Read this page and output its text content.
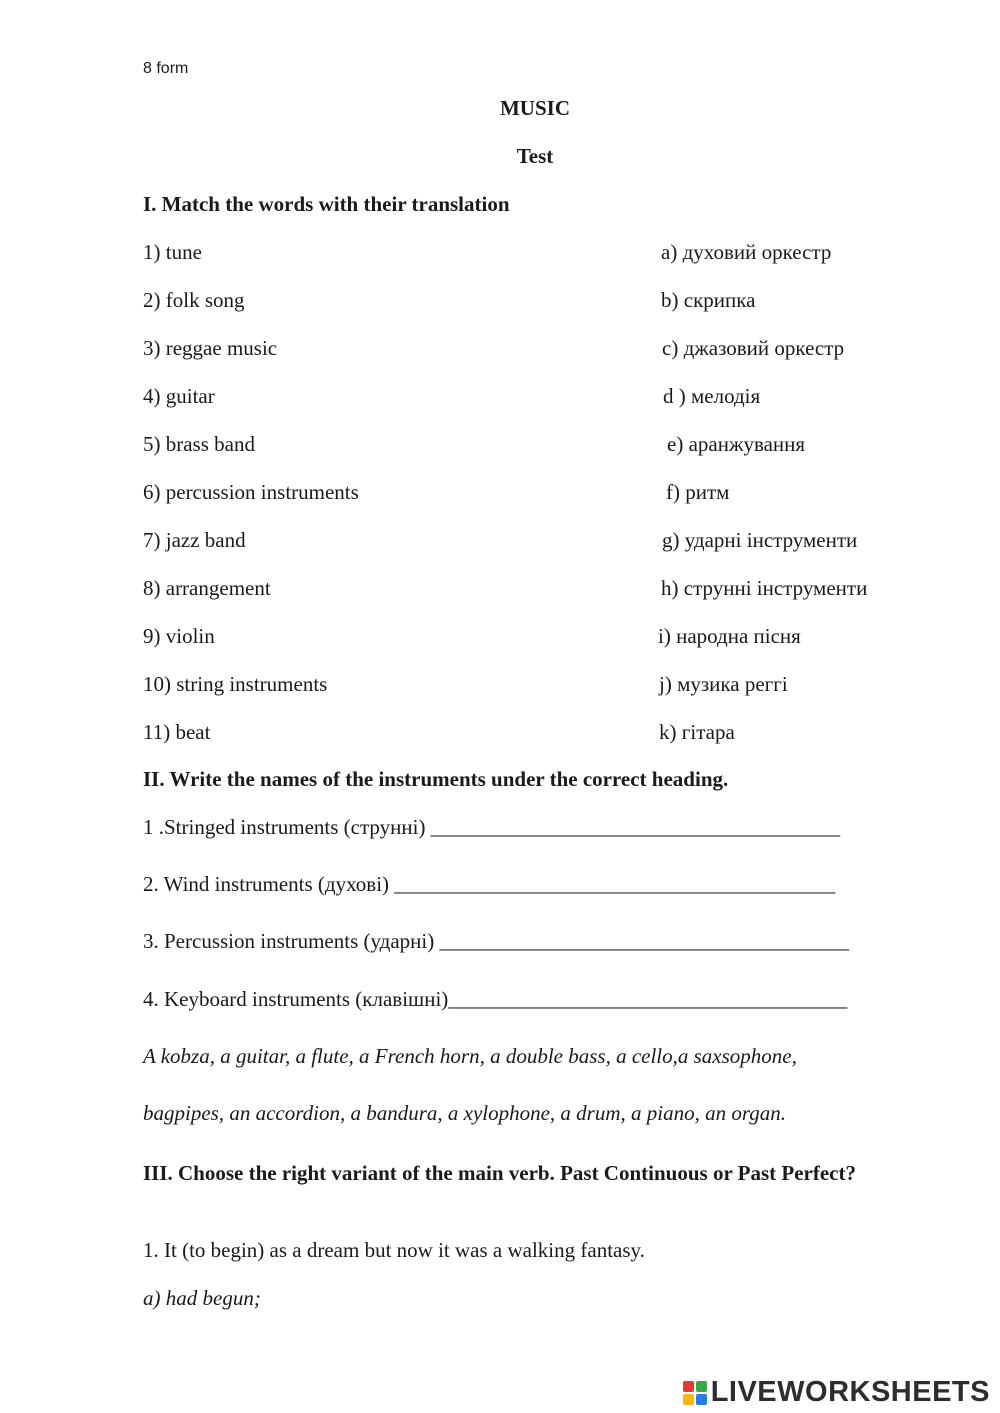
8 form
MUSIC
Test
I. Match the words with their translation
1) tune	a) духовий оркестр
2) folk song	b) скрипка
3) reggae music	c) джазовий оркестр
4) guitar	d ) мелодія
5) brass band	e) аранжування
6) percussion instruments	f) ритм
7) jazz band	g) ударні інструменти
8) arrangement	h) струнні інструменти
9) violin	i) народна пісня
10) string instruments	j) музика реггі
11) beat	k) гітара
II. Write the names of the instruments under the correct heading.
1 .Stringed instruments (струнні) _______________________________________
2. Wind instruments (духові) __________________________________________
3. Percussion instruments (ударні) _______________________________________
4. Keyboard instruments (клавішні)______________________________________
A kobza, a guitar, a flute, a French horn, a double bass, a cello,a saxsophone,
bagpipes, an accordion, a bandura, a xylophone, a drum, a piano, an organ.
III. Choose the right variant of the main verb. Past Continuous or Past Perfect?
1. It (to begin) as a dream but now it was a walking fantasy.
a) had begun;
LIVEWORKSHEETS
